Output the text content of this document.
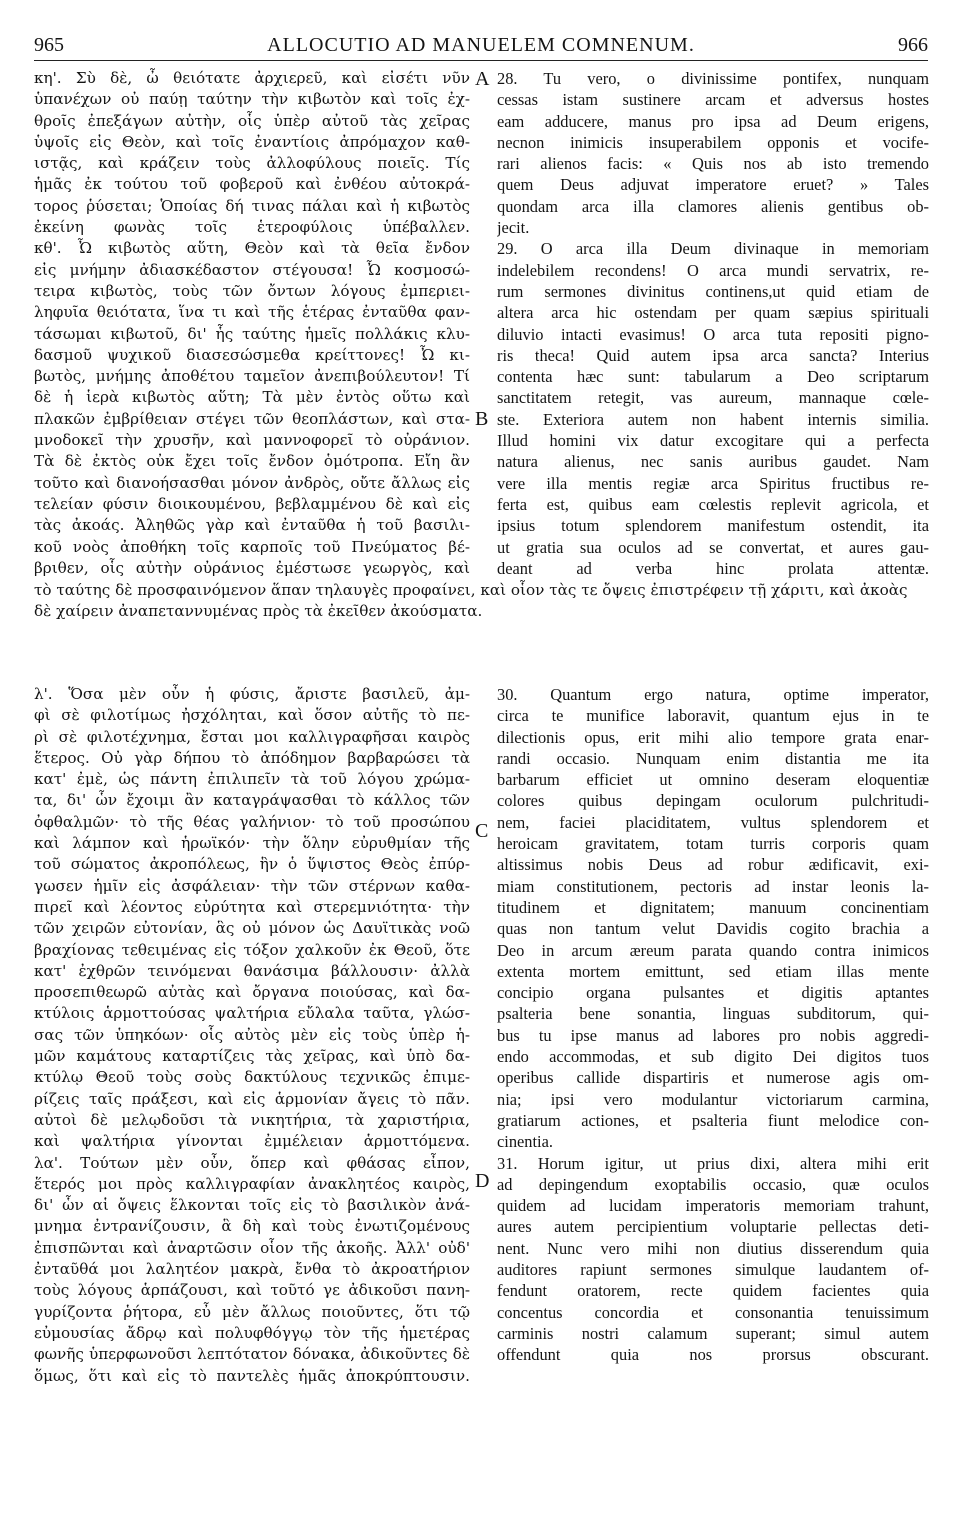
965	ALLOCUTIO AD MANUELEM COMNENUM.	966
κη'. Σὺ δὲ, ὦ θειότατε ἀρχιερεῦ, καὶ εἰσέτι νῦν
ὑπανέχων οὐ παύῃ ταύτην τὴν κιβωτὸν καὶ τοῖς ἐχ-
θροῖς ἐπεξάγων αὐτὴν, οἷς ὑπὲρ αὐτοῦ τὰς χεῖρας
ὑψοῖς εἰς Θεὸν, καὶ τοῖς ἐναντίοις ἀπρόμαχον καθ-
ιστᾷς, καὶ κράζειν τοὺς ἀλλοφύλους ποιεῖς. Τίς
ἡμᾶς ἐκ τούτου τοῦ φοβεροῦ καὶ ἐνθέου αὐτοκρά-
τορος ῥύσεται; Ὁποίας δή τινας πάλαι καὶ ἡ κιβωτὸς
ἐκείνη φωνὰς τοῖς ἑτεροφύλοις ὑπέβαλλεν.
κθ'. Ὦ κιβωτὸς αὕτη, Θεὸν καὶ τὰ θεῖα ἔνδον
εἰς μνήμην ἀδιασκέδαστον στέγουσα! Ὦ κοσμοσώ-
τειρα κιβωτὸς, τοὺς τῶν ὄντων λόγους ἐμπεριει-
ληφυῖα θειότατα, ἵνα τι καὶ τῆς ἑτέρας ἐνταῦθα φαν-
τάσωμαι κιβωτοῦ, δι' ἧς ταύτης ἡμεῖς πολλάκις κλυ-
δασμοῦ ψυχικοῦ διασεσώσμεθα κρείττονες! Ὦ κι-
βωτὸς, μνήμης ἀποθέτου ταμεῖον ἀνεπιβούλευτον! Τί
δὲ ἡ ἱερὰ κιβωτὸς αὕτη; Τὰ μὲν ἐντὸς οὕτω καὶ
πλακῶν ἐμβρίθειαν στέγει τῶν θεοπλάστων, καὶ στα-
μνοδοκεῖ τὴν χρυσῆν, καὶ μαννοφορεῖ τὸ οὐράνιον.
Τὰ δὲ ἐκτὸς οὐκ ἔχει τοῖς ἔνδον ὁμότροπα. Εἴη ἂν
τοῦτο καὶ διανοήσασθαι μόνον ἀνδρὸς, οὔτε ἄλλως εἰς
τελείαν φύσιν διοικουμένου, βεβλαμμένου δὲ καὶ εἰς
τὰς ἀκοάς. Ἀληθῶς γὰρ καὶ ἐνταῦθα ἡ τοῦ βασιλι-
κοῦ νοὸς ἀποθήκη τοῖς καρποῖς τοῦ Πνεύματος βέ-
βριθεν, οἷς αὐτὴν οὐράνιος ἐμέστωσε γεωργὸς, καὶ
28. Tu vero, o divinissime pontifex, nunquam
cessas istam sustinere arcam et adversus hostes
eam adducere, manus pro ipsa ad Deum erigens,
necnon inimicis insuperabilem opponis et vocife-
rari alienos facis: « Quis nos ab isto tremendo
quem Deus adjuvat imperatore eruet? » Tales
quondam arca illa clamores alienis gentibus ob-
jecit.
29. O arca illa Deum divinaque in memoriam
indelebilem recondens! O arca mundi servatrix, re-
rum sermones divinitus continens,ut quid etiam de
altera arca hic ostendam per quam sæpius spirituali
diluvio intacti evasimus! O arca tuta repositi pigno-
ris theca! Quid autem ipsa arca sancta? Interius
contenta hæc sunt: tabularum a Deo scriptarum
sanctitatem retegit, vas aureum, mannaque cœle-
ste. Exteriora autem non habent internis similia.
Illud homini vix datur excogitare qui a perfecta
natura alienus, nec sanis auribus gaudet. Nam
vere illa mentis regiæ arca Spiritus fructibus re-
ferta est, quibus eam cœlestis replevit agricola, et
ipsius totum splendorem manifestum ostendit, ita
ut gratia sua oculos ad se convertat, et aures gau-
deant ad verba hinc prolata attentæ.
τὸ ταύτης δὲ προσφαινόμενον ἅπαν τηλαυγὲς προφαίνει, καὶ οἷον τὰς τε ὄψεις ἐπιστρέφειν τῇ χάριτι, καὶ ἀκοὰς
δὲ χαίρειν ἀναπεταννυμένας πρὸς τὰ ἐκεῖθεν ἀκούσματα.
λ'. Ὅσα μὲν οὖν ἡ φύσις, ἄριστε βασιλεῦ, ἀμ-
φὶ σὲ φιλοτίμως ἠσχόληται, καὶ ὅσον αὐτῆς τὸ πε-
ρὶ σὲ φιλοτέχνημα, ἔσται μοι καλλιγραφῆσαι καιρὸς
ἕτερος. Οὐ γὰρ δήπου τὸ ἀπόδημον βαρβαρώσει τὰ
κατ' ἐμὲ, ὡς πάντη ἐπιλιπεῖν τὰ τοῦ λόγου χρώμα-
τα, δι' ὧν ἔχοιμι ἂν καταγράψασθαι τὸ κάλλος τῶν
ὀφθαλμῶν· τὸ τῆς θέας γαλήνιον· τὸ τοῦ προσώπου
καὶ λάμπον καὶ ἡρωϊκόν· τὴν ὅλην εὐρυθμίαν τῆς
τοῦ σώματος ἀκροπόλεως, ἣν ὁ ὕψιστος Θεὸς ἐπύρ-
γωσεν ἡμῖν εἰς ἀσφάλειαν· τὴν τῶν στέρνων καθα-
πιρεῖ καὶ λέοντος εὐρύτητα καὶ στερεμνιότητα· τὴν
τῶν χειρῶν εὐτονίαν, ἃς οὐ μόνον ὡς Δαυϊτικὰς νοῶ
βραχίονας τεθειμένας εἰς τόξον χαλκοῦν ἐκ Θεοῦ, ὅτε
κατ' ἐχθρῶν τεινόμεναι θανάσιμα βάλλουσιν· ἀλλὰ
προσεπιθεωρῶ αὐτὰς καὶ ὄργανα ποιούσας, καὶ δα-
κτύλοις ἁρμοττούσας ψαλτήρια εὔλαλα ταῦτα, γλώσ-
σας τῶν ὑπηκόων· οἷς αὐτὸς μὲν εἰς τοὺς ὑπὲρ ἡ-
μῶν καμάτους καταρτίζεις τὰς χεῖρας, καὶ ὑπὸ δα-
κτύλῳ Θεοῦ τοὺς σοὺς δακτύλους τεχνικῶς ἐπιμε-
ρίζεις ταῖς πράξεσι, καὶ εἰς ἁρμονίαν ἄγεις τὸ πᾶν.
αὐτοὶ δὲ μελῳδοῦσι τὰ νικητήρια, τὰ χαριστήρια,
καὶ ψαλτήρια γίνονται ἐμμέλειαν ἁρμοττόμενα.
λα'. Τούτων μὲν οὖν, ὅπερ καὶ φθάσας εἶπον,
ἕτερός μοι πρὸς καλλιγραφίαν ἀνακλητέος καιρὸς,
δι' ὧν αἱ ὄψεις ἕλκονται τοῖς εἰς τὸ βασιλικὸν ἀνά-
μνημα ἐντρανίζουσιν, ἃ δὴ καὶ τοὺς ἐνωτιζομένους
ἐπισπῶνται καὶ ἀναρτῶσιν οἷον τῆς ἀκοῆς. Ἀλλ' οὐδ'
ἐνταῦθά μοι λαλητέον μακρὰ, ἔνθα τὸ ἀκροατήριον
τοὺς λόγους ἁρπάζουσι, καὶ τοῦτό γε ἀδικοῦσι πανη-
γυρίζοντα ῥήτορα, εὖ μὲν ἄλλως ποιοῦντες, ὅτι τῷ
εὐμουσίας ἄδρῳ καὶ πολυφθόγγῳ τὸν τῆς ἡμετέρας
φωνῆς ὑπερφωνοῦσι λεπτότατον δόνακα, ἀδικοῦντες δὲ
ὅμως, ὅτι καὶ εἰς τὸ παντελὲς ἡμᾶς ἀποκρύπτουσιν.
30. Quantum ergo natura, optime imperator,
circa te munifice laboravit, quantum ejus in te
dilectionis opus, erit mihi alio tempore grata enar-
randi occasio. Nunquam enim distantia me ita
barbarum efficiet ut omnino deseram eloquentiæ
colores quibus depingam oculorum pulchritudi-
nem, faciei placiditatem, vultus splendorem et
heroicam gravitatem, totam turris corporis quam
altissimus nobis Deus ad robur ædificavit, exi-
miam constitutionem, pectoris ad instar leonis la-
titudinem et dignitatem; manuum concinentiam
quas non tantum velut Davidis cogito brachia a
Deo in arcum æreum parata quando contra inimicos
extenta mortem emittunt, sed etiam illas mente
concipio organa pulsantes et digitis aptantes
psalteria bene sonantia, linguas subditorum, qui-
bus tu ipse manus ad labores pro nobis aggredi-
endo accommodas, et sub digito Dei digitos tuos
operibus callide dispartiris et numerose agis om-
nia; ipsi vero modulantur victoriarum carmina,
gratiarum actiones, et psalteria fiunt melodice con-
cinentia.
31. Horum igitur, ut prius dixi, altera mihi erit
ad depingendum exoptabilis occasio, quæ oculos
quidem ad lucidam imperatoris memoriam trahunt,
aures autem percipientium voluptarie pellectas deti-
nent. Nunc vero mihi non diutius disserendum quia
auditores rapiunt sermones simulque laudantem of-
fendunt oratorem, recte quidem facientes quia
concentus concordia et consonantia tenuissimum
carminis nostri calamum superant; simul autem
offendunt quia nos prorsus obscurant.
A
B
C
D
